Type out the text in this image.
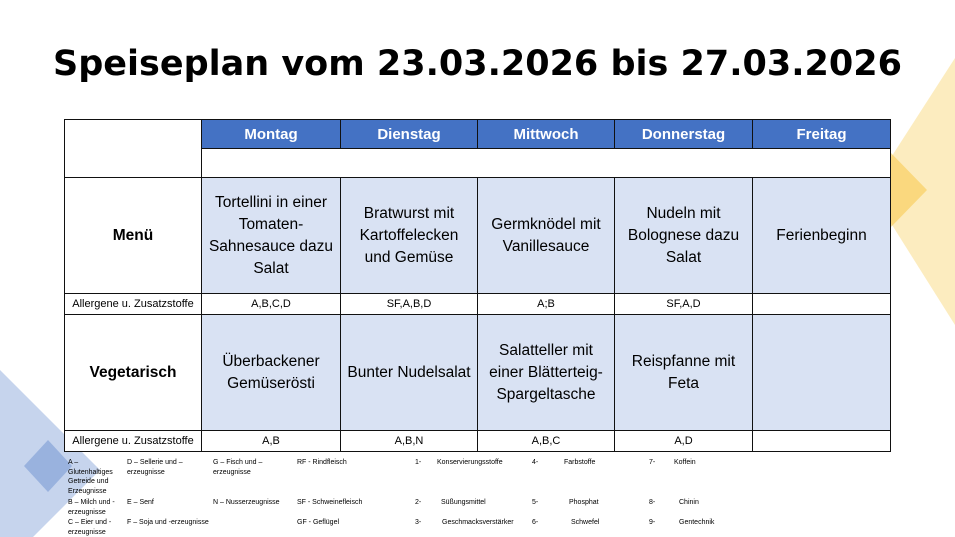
Speiseplan vom 23.03.2026 bis 27.03.2026
	Montag	Dienstag	Mittwoch	Donnerstag	Freitag

Menü	Tortellini in einer Tomaten-Sahnesauce dazu Salat	Bratwurst mit Kartoffelecken und Gemüse	Germknödel mit Vanillesauce	Nudeln mit Bolognese dazu Salat	Ferienbeginn
Allergene u. Zusatzstoffe	A,B,C,D	SF,A,B,D	A;B	SF,A,D	
Vegetarisch	Überbackener Gemüserösti	Bunter Nudelsalat	Salatteller mit einer Blätterteig-Spargeltasche	Reispfanne mit Feta	
Allergene u. Zusatzstoffe	A,B	A,B,N	A,B,C	A,D	
A – Glutenhaltiges Getreide und Erzeugnisse
B – Milch und -erzeugnisse
C – Eier und -erzeugnisse
D – Sellerie und – erzeugnisse
E – Senf
F – Soja und -erzeugnisse
G – Fisch und – erzeugnisse
N – Nusserzeugnisse
RF - Rindfleisch
SF - Schweinefleisch
GF - Geflügel
1- Konservierungsstoffe
2-	Süßungsmittel
3-	Geschmacksverstärker
4-	Farbstoffe
5-	Phosphat
6-	Schwefel
7-	Koffein
8-	Chinin
9-	Gentechnik
